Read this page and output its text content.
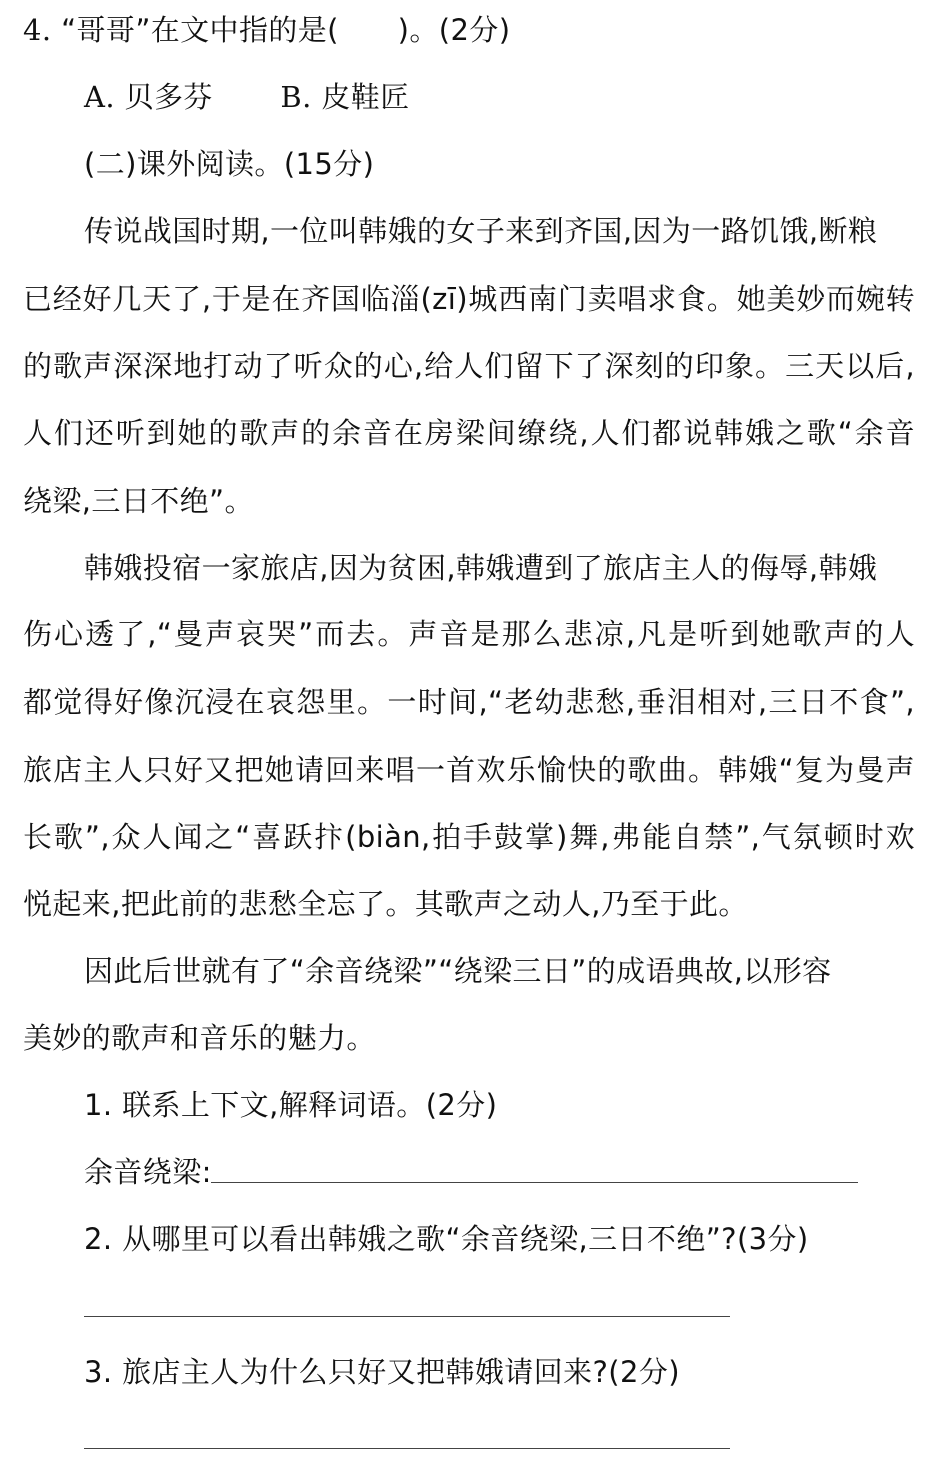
4. “哥哥”在文中指的是(　　)。(2分)
A. 贝多芬 B. 皮鞋匠
(二)课外阅读。(15分)
传说战国时期,一位叫韩娥的女子来到齐国,因为一路饥饿,断粮
已经好几天了,于是在齐国临淄(zī)城西南门卖唱求食。她美妙而婉转
的歌声深深地打动了听众的心,给人们留下了深刻的印象。三天以后,
人们还听到她的歌声的余音在房梁间缭绕,人们都说韩娥之歌“余音
绕梁,三日不绝”。
韩娥投宿一家旅店,因为贫困,韩娥遭到了旅店主人的侮辱,韩娥
伤心透了,“曼声哀哭”而去。声音是那么悲凉,凡是听到她歌声的人
都觉得好像沉浸在哀怨里。一时间,“老幼悲愁,垂泪相对,三日不食”,
旅店主人只好又把她请回来唱一首欢乐愉快的歌曲。韩娥“复为曼声
长歌”,众人闻之“喜跃抃(biàn,拍手鼓掌)舞,弗能自禁”,气氛顿时欢
悦起来,把此前的悲愁全忘了。其歌声之动人,乃至于此。
因此后世就有了“余音绕梁”“绕梁三日”的成语典故,以形容
美妙的歌声和音乐的魅力。
1. 联系上下文,解释词语。(2分)
余音绕梁:
2. 从哪里可以看出韩娥之歌“余音绕梁,三日不绝”?(3分)
3. 旅店主人为什么只好又把韩娥请回来?(2分)
